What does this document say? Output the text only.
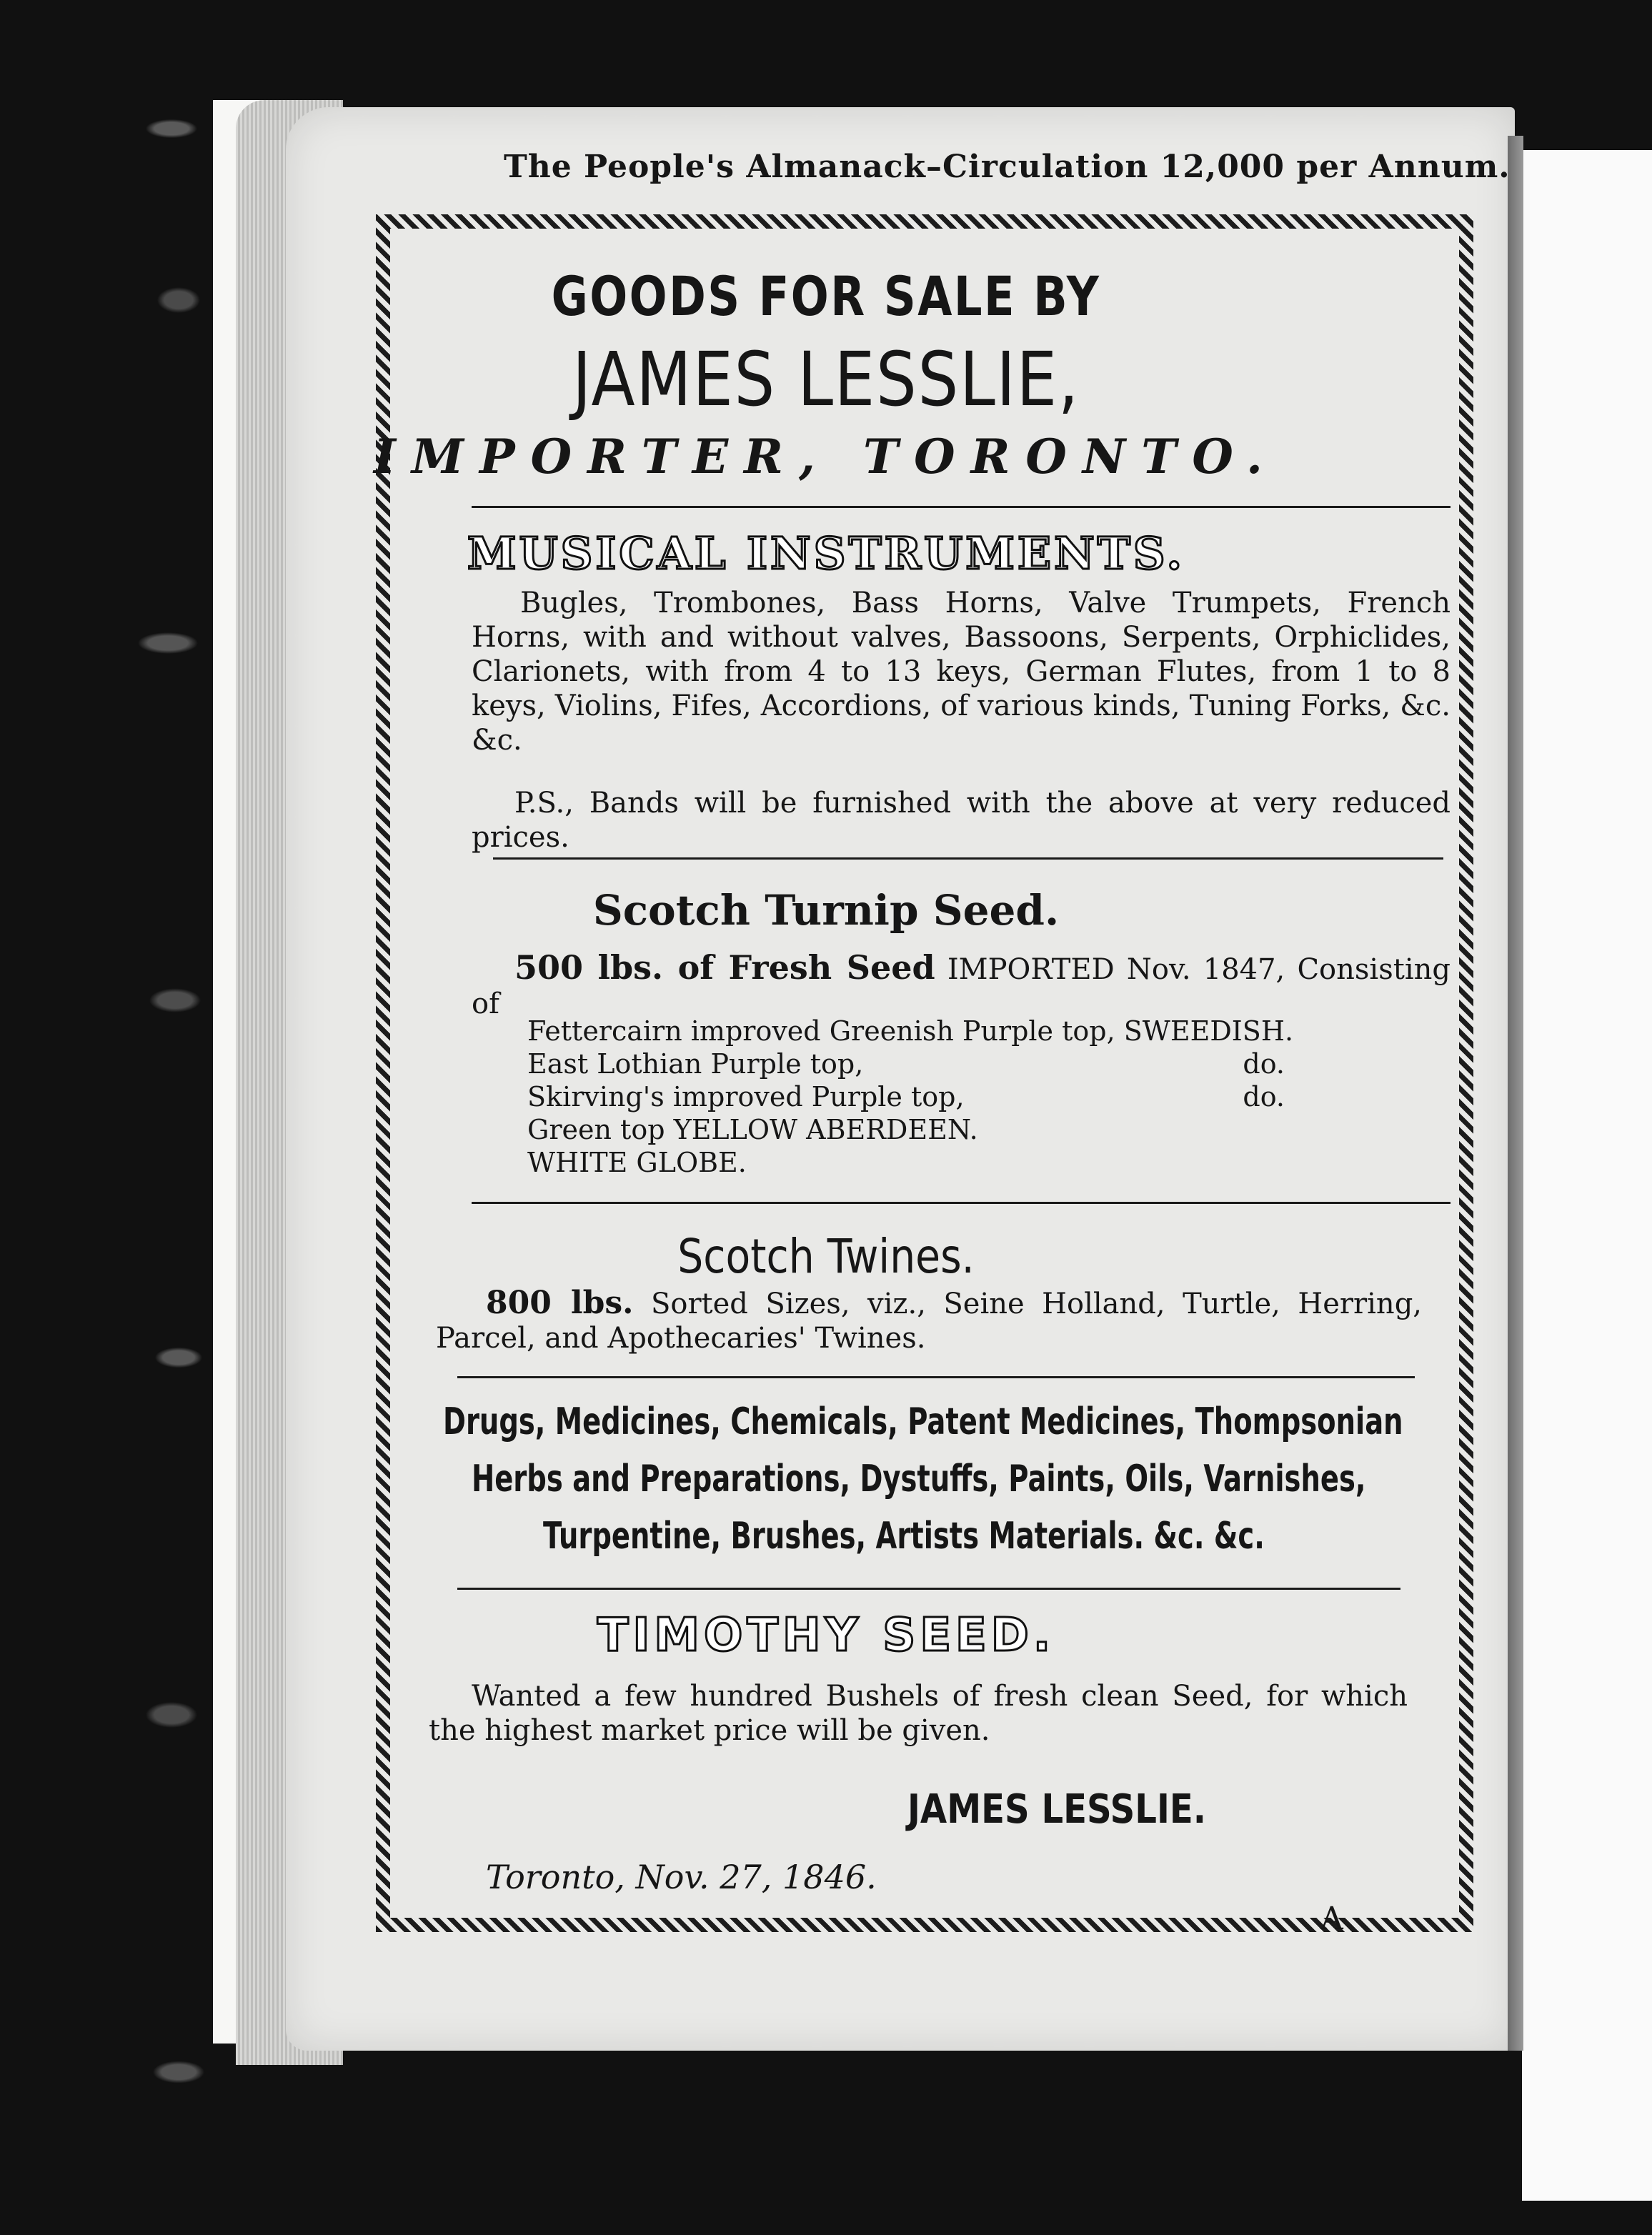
The People's Almanack–Circulation 12,000 per Annum.
GOODS FOR SALE BY
JAMES LESSLIE,
IMPORTER, TORONTO.
MUSICAL INSTRUMENTS.

Bugles, Trombones, Bass Horns, Valve Trumpets, French Horns, with and without valves, Bassoons, Serpents, Orphiclides, Clarionets, with from 4 to 13 keys, German Flutes, from 1 to 8 keys, Violins, Fifes, Accordions, of various kinds, Tuning Forks, &c. &c.

P.S., Bands will be furnished with the above at very reduced prices.

Scotch Turnip Seed.

500 lbs. of Fresh Seed IMPORTED Nov. 1847, Consisting of

Fettercairn improved Greenish Purple top, SWEEDISH.
East Lothian Purple top,	do.
Skirving's improved Purple top,	do.
Green top YELLOW ABERDEEN.
WHITE GLOBE.
Scotch Twines.

800 lbs. Sorted Sizes, viz., Seine Holland, Turtle, Herring, Parcel, and Apothecaries' Twines.

Drugs, Medicines, Chemicals, Patent Medicines, Thompsonian
Herbs and Preparations, Dystuffs, Paints, Oils, Varnishes,
Turpentine, Brushes, Artists Materials. &c. &c.
TIMOTHY SEED.

Wanted a few hundred Bushels of fresh clean Seed, for which the highest market price will be given.

JAMES LESSLIE.
Toronto, Nov. 27, 1846.
A
